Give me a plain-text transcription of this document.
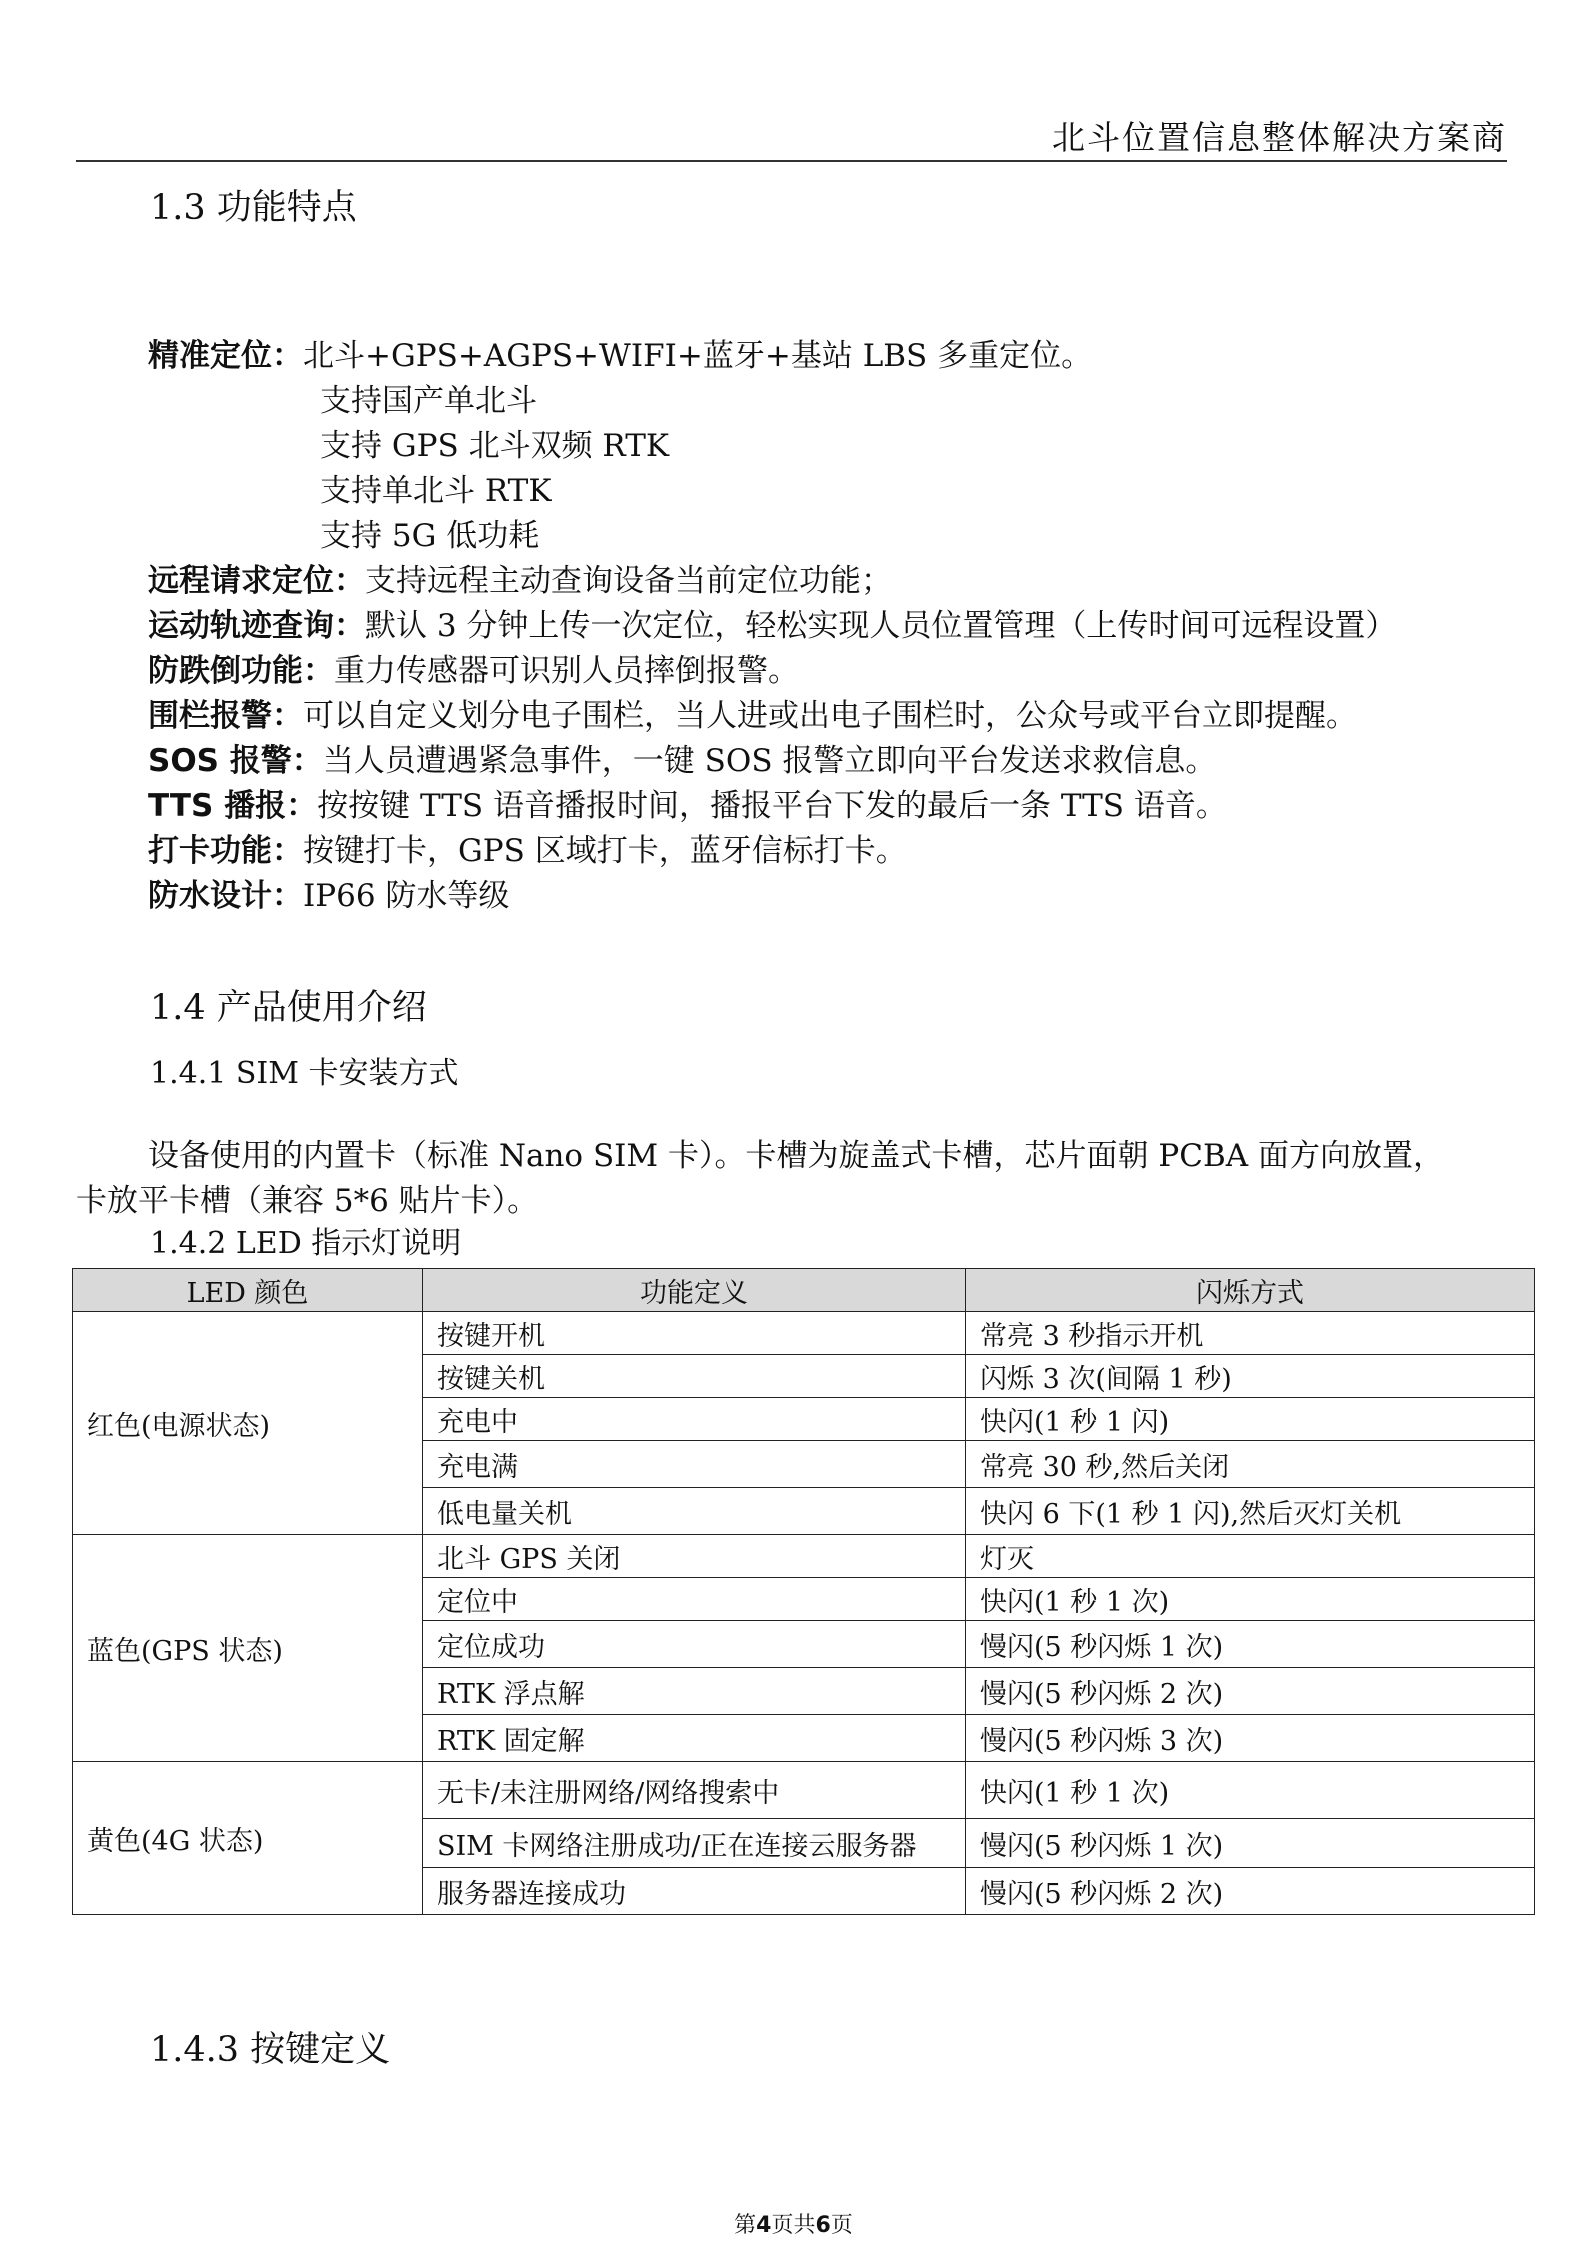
北斗位置信息整体解决方案商
1.3 功能特点
精准定位：北斗+GPS+AGPS+WIFI+蓝牙+基站 LBS 多重定位。
支持国产单北斗
支持 GPS 北斗双频 RTK
支持单北斗 RTK
支持 5G 低功耗
远程请求定位：支持远程主动查询设备当前定位功能；
运动轨迹查询：默认 3 分钟上传一次定位，轻松实现人员位置管理（上传时间可远程设置）
防跌倒功能：重力传感器可识别人员摔倒报警。
围栏报警：可以自定义划分电子围栏，当人进或出电子围栏时，公众号或平台立即提醒。
SOS 报警：当人员遭遇紧急事件，一键 SOS 报警立即向平台发送求救信息。
TTS 播报：按按键 TTS 语音播报时间，播报平台下发的最后一条 TTS 语音。
打卡功能：按键打卡，GPS 区域打卡，蓝牙信标打卡。
防水设计：IP66 防水等级
1.4 产品使用介绍
1.4.1 SIM 卡安装方式
设备使用的内置卡（标准 Nano SIM 卡）。卡槽为旋盖式卡槽，芯片面朝 PCBA 面方向放置，
卡放平卡槽（兼容 5*6 贴片卡）。
1.4.2 LED 指示灯说明
LED 颜色	功能定义	闪烁方式
红色(电源状态)	按键开机	常亮 3 秒指示开机
	按键关机	闪烁 3 次(间隔 1 秒)
	充电中	快闪(1 秒 1 闪)
	充电满	常亮 30 秒,然后关闭
	低电量关机	快闪 6 下(1 秒 1 闪),然后灭灯关机
蓝色(GPS 状态)	北斗 GPS 关闭	灯灭
	定位中	快闪(1 秒 1 次)
	定位成功	慢闪(5 秒闪烁 1 次)
	RTK 浮点解	慢闪(5 秒闪烁 2 次)
	RTK 固定解	慢闪(5 秒闪烁 3 次)
黄色(4G 状态)	无卡/未注册网络/网络搜索中	快闪(1 秒 1 次)
	SIM 卡网络注册成功/正在连接云服务器	慢闪(5 秒闪烁 1 次)
	服务器连接成功	慢闪(5 秒闪烁 2 次)
1.4.3 按键定义
第4页共6页
